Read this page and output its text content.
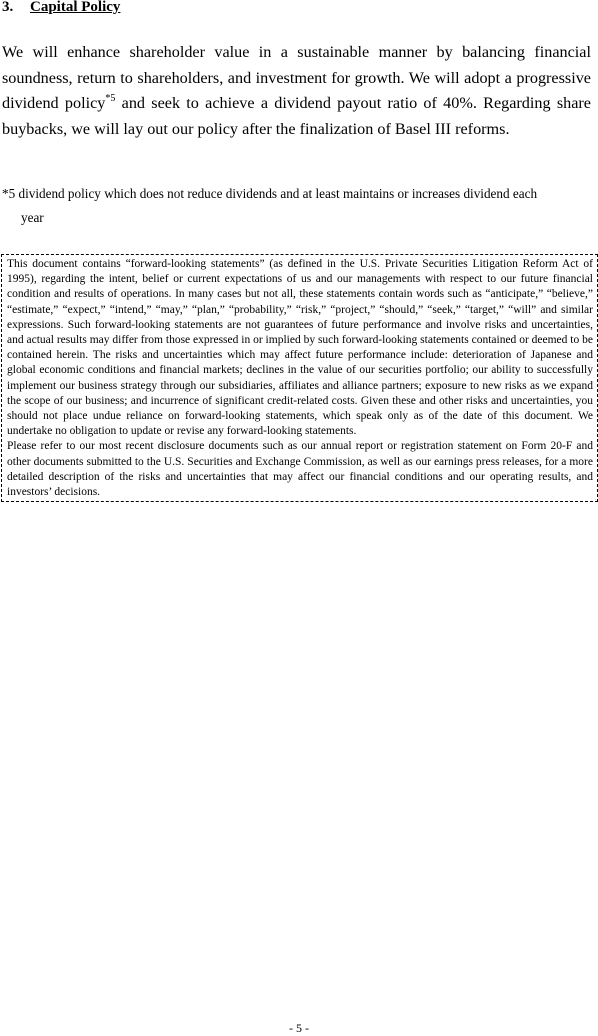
3. Capital Policy

We will enhance shareholder value in a sustainable manner by balancing financial soundness, return to shareholders, and investment for growth. We will adopt a progressive dividend policy$^{*5}$ and seek to achieve a dividend payout ratio of 40%. Regarding share buybacks, we will lay out our policy after the finalization of Basel III reforms.

*5 dividend policy which does not reduce dividends and at least maintains or increases dividend each
year

This document contains “forward-looking statements” (as defined in the U.S. Private Securities Litigation Reform Act of 1995), regarding the intent, belief or current expectations of us and our managements with respect to our future financial condition and results of operations. In many cases but not all, these statements contain words such as “anticipate,” “believe,” “estimate,” “expect,” “intend,” “may,” “plan,” “probability,” “risk,” “project,” “should,” “seek,” “target,” “will” and similar expressions. Such forward-looking statements are not guarantees of future performance and involve risks and uncertainties, and actual results may differ from those expressed in or implied by such forward-looking statements contained or deemed to be contained herein. The risks and uncertainties which may affect future performance include: deterioration of Japanese and global economic conditions and financial markets; declines in the value of our securities portfolio; our ability to successfully implement our business strategy through our subsidiaries, affiliates and alliance partners; exposure to new risks as we expand the scope of our business; and incurrence of significant credit-related costs. Given these and other risks and uncertainties, you should not place undue reliance on forward-looking statements, which speak only as of the date of this document. We undertake no obligation to update or revise any forward-looking statements.

Please refer to our most recent disclosure documents such as our annual report or registration statement on Form 20-F and other documents submitted to the U.S. Securities and Exchange Commission, as well as our earnings press releases, for a more detailed description of the risks and uncertainties that may affect our financial conditions and our operating results, and investors’ decisions.

- 5 -
